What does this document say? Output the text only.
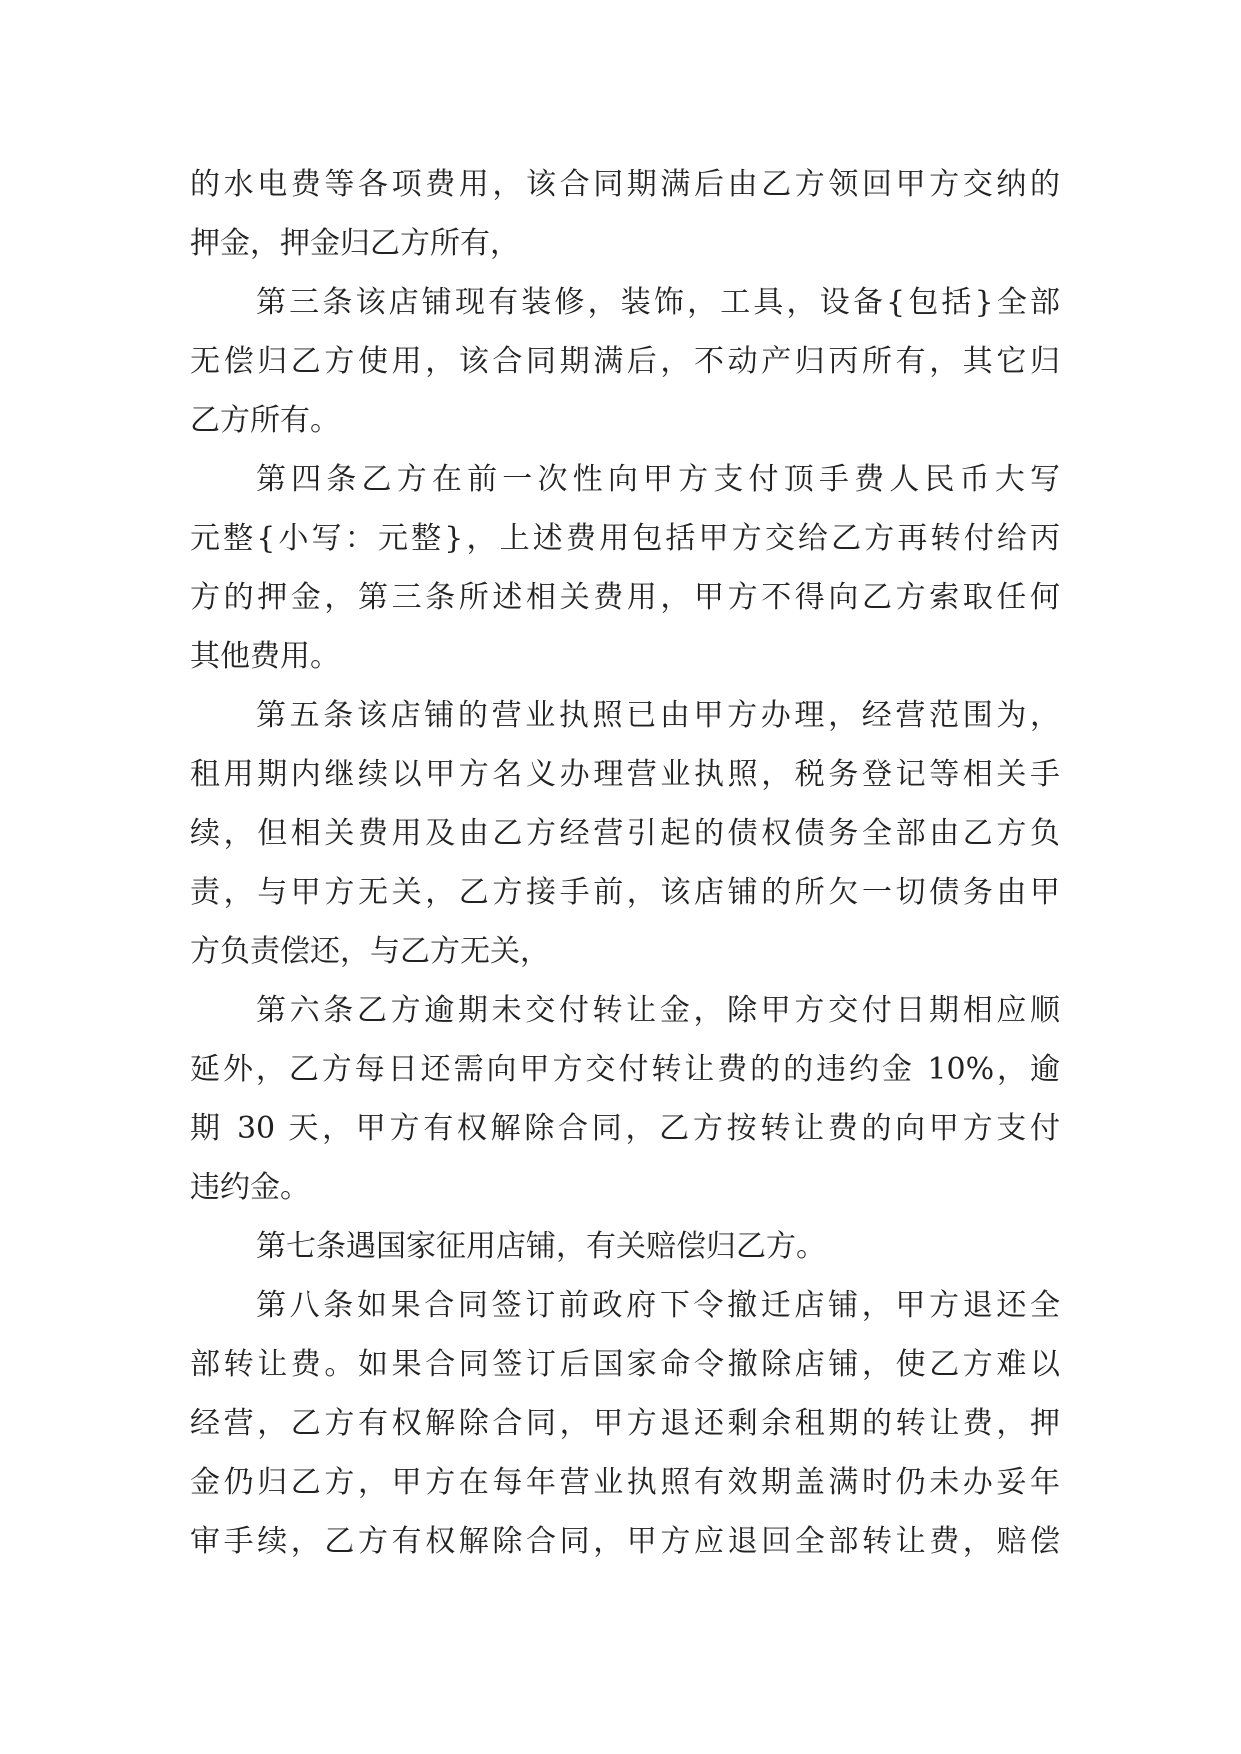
的水电费等各项费用，该合同期满后由乙方领回甲方交纳的
押金，押金归乙方所有，
第三条该店铺现有装修，装饰，工具，设备{包括}全部
无偿归乙方使用，该合同期满后，不动产归丙所有，其它归
乙方所有。
第四条乙方在前一次性向甲方支付顶手费人民币大写
元整{小写：元整}，上述费用包括甲方交给乙方再转付给丙
方的押金，第三条所述相关费用，甲方不得向乙方索取任何
其他费用。
第五条该店铺的营业执照已由甲方办理，经营范围为，
租用期内继续以甲方名义办理营业执照，税务登记等相关手
续，但相关费用及由乙方经营引起的债权债务全部由乙方负
责，与甲方无关，乙方接手前，该店铺的所欠一切债务由甲
方负责偿还，与乙方无关，
第六条乙方逾期未交付转让金，除甲方交付日期相应顺
延外，乙方每日还需向甲方交付转让费的的违约金 10%，逾
期 30 天，甲方有权解除合同，乙方按转让费的向甲方支付
违约金。
第七条遇国家征用店铺，有关赔偿归乙方。
第八条如果合同签订前政府下令撤迁店铺，甲方退还全
部转让费。如果合同签订后国家命令撤除店铺，使乙方难以
经营，乙方有权解除合同，甲方退还剩余租期的转让费，押
金仍归乙方，甲方在每年营业执照有效期盖满时仍未办妥年
审手续，乙方有权解除合同，甲方应退回全部转让费，赔偿
